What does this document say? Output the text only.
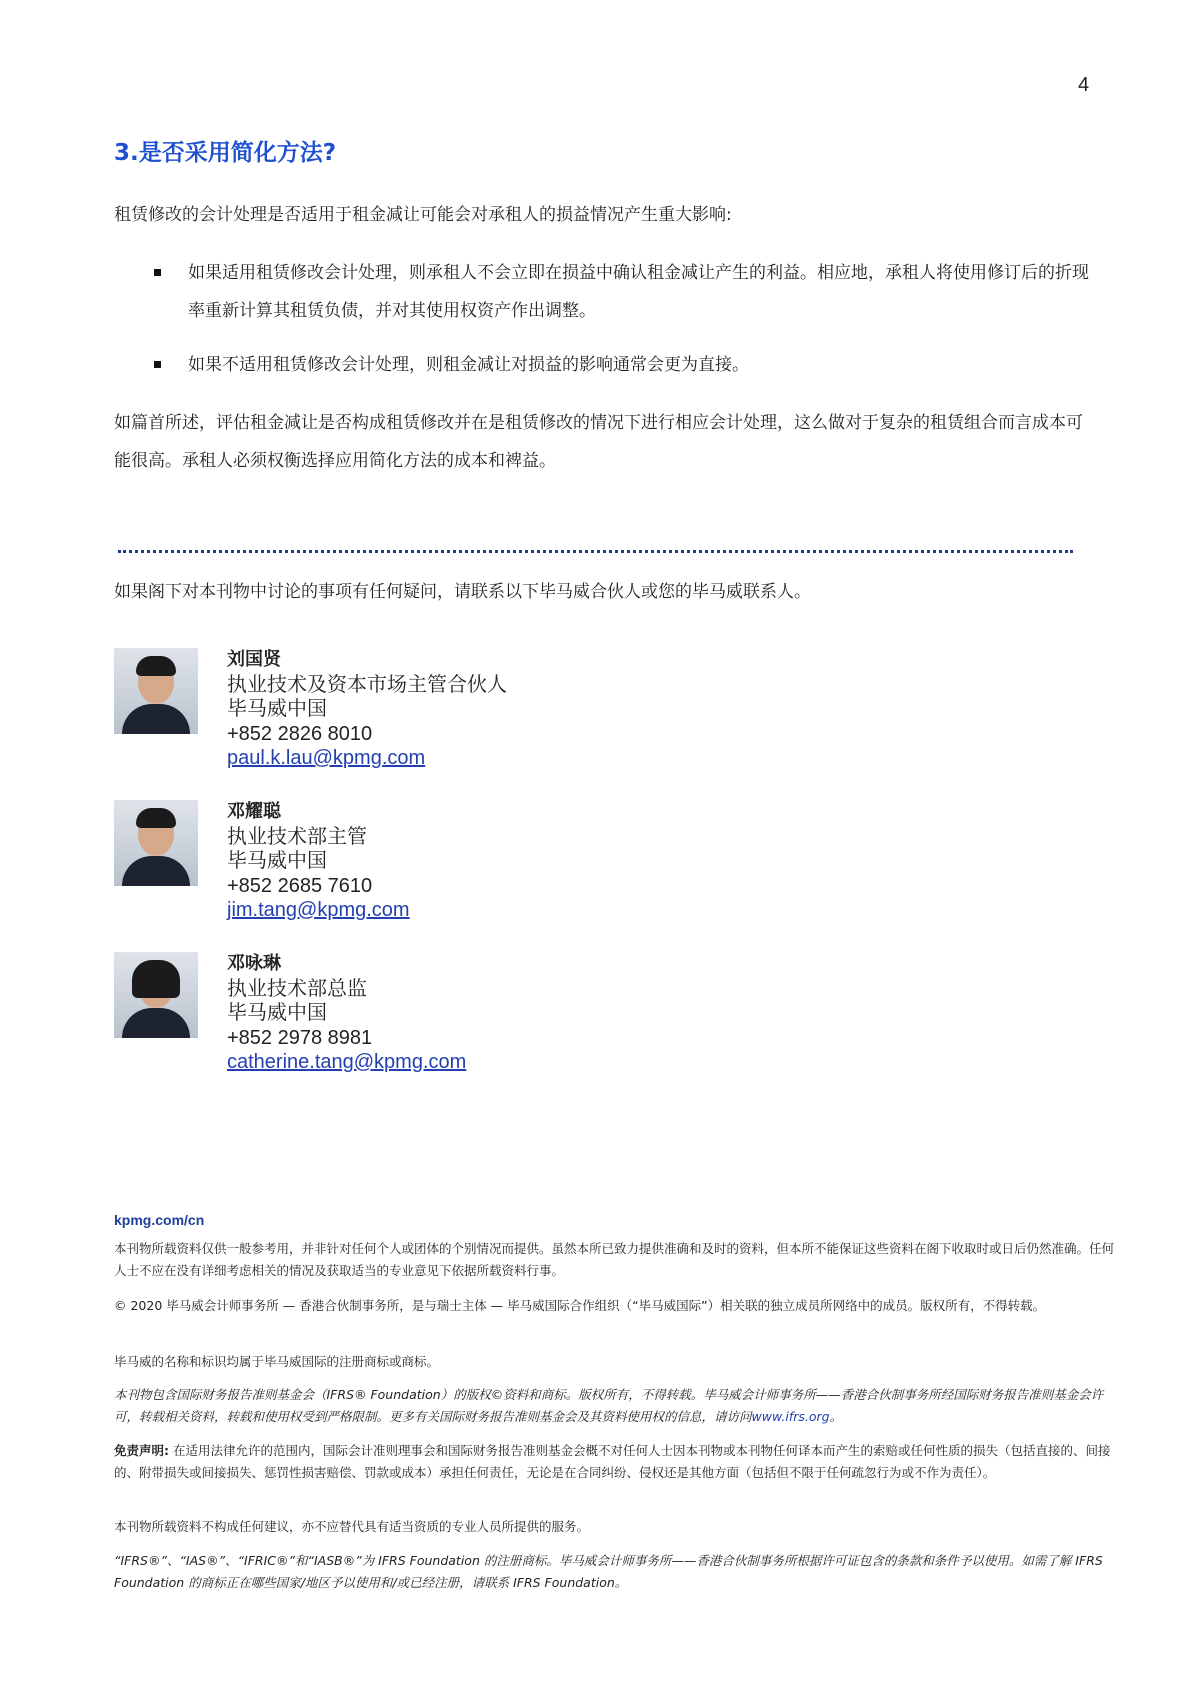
4
3.是否采用简化方法?

租赁修改的会计处理是否适用于租金减让可能会对承租人的损益情况产生重大影响:

如果适用租赁修改会计处理，则承租人不会立即在损益中确认租金减让产生的利益。相应地，承租人将使用修订后的折现率重新计算其租赁负债，并对其使用权资产作出调整。
如果不适用租赁修改会计处理，则租金减让对损益的影响通常会更为直接。

如篇首所述，评估租金减让是否构成租赁修改并在是租赁修改的情况下进行相应会计处理，这么做对于复杂的租赁组合而言成本可能很高。承租人必须权衡选择应用简化方法的成本和裨益。

如果阁下对本刊物中讨论的事项有任何疑问，请联系以下毕马威合伙人或您的毕马威联系人。

刘国贤
执业技术及资本市场主管合伙人
毕马威中国
+852 2826 8010
paul.k.lau@kpmg.com
邓耀聪
执业技术部主管
毕马威中国
+852 2685 7610
jim.tang@kpmg.com
邓咏琳
执业技术部总监
毕马威中国
+852 2978 8981
catherine.tang@kpmg.com
kpmg.com/cn

本刊物所载资料仅供一般参考用，并非针对任何个人或团体的个别情况而提供。虽然本所已致力提供准确和及时的资料，但本所不能保证这些资料在阁下收取时或日后仍然准确。任何人士不应在没有详细考虑相关的情况及获取适当的专业意见下依据所载资料行事。

© 2020 毕马威会计师事务所 — 香港合伙制事务所，是与瑞士主体 — 毕马威国际合作组织（“毕马威国际”）相关联的独立成员所网络中的成员。版权所有，不得转载。

毕马威的名称和标识均属于毕马威国际的注册商标或商标。

本刊物包含国际财务报告准则基金会（IFRS® Foundation）的版权©资料和商标。版权所有，不得转载。毕马威会计师事务所——香港合伙制事务所经国际财务报告准则基金会许可，转载相关资料，转载和使用权受到严格限制。更多有关国际财务报告准则基金会及其资料使用权的信息，请访问www.ifrs.org。

免责声明: 在适用法律允许的范围内，国际会计准则理事会和国际财务报告准则基金会概不对任何人士因本刊物或本刊物任何译本而产生的索赔或任何性质的损失（包括直接的、间接的、附带损失或间接损失、惩罚性损害赔偿、罚款或成本）承担任何责任，无论是在合同纠纷、侵权还是其他方面（包括但不限于任何疏忽行为或不作为责任）。

本刊物所载资料不构成任何建议，亦不应替代具有适当资质的专业人员所提供的服务。

“IFRS®”、“IAS®”、“IFRIC®”和“IASB®”为 IFRS Foundation 的注册商标。毕马威会计师事务所——香港合伙制事务所根据许可证包含的条款和条件予以使用。如需了解 IFRS Foundation 的商标正在哪些国家/地区予以使用和/或已经注册，请联系 IFRS Foundation。
